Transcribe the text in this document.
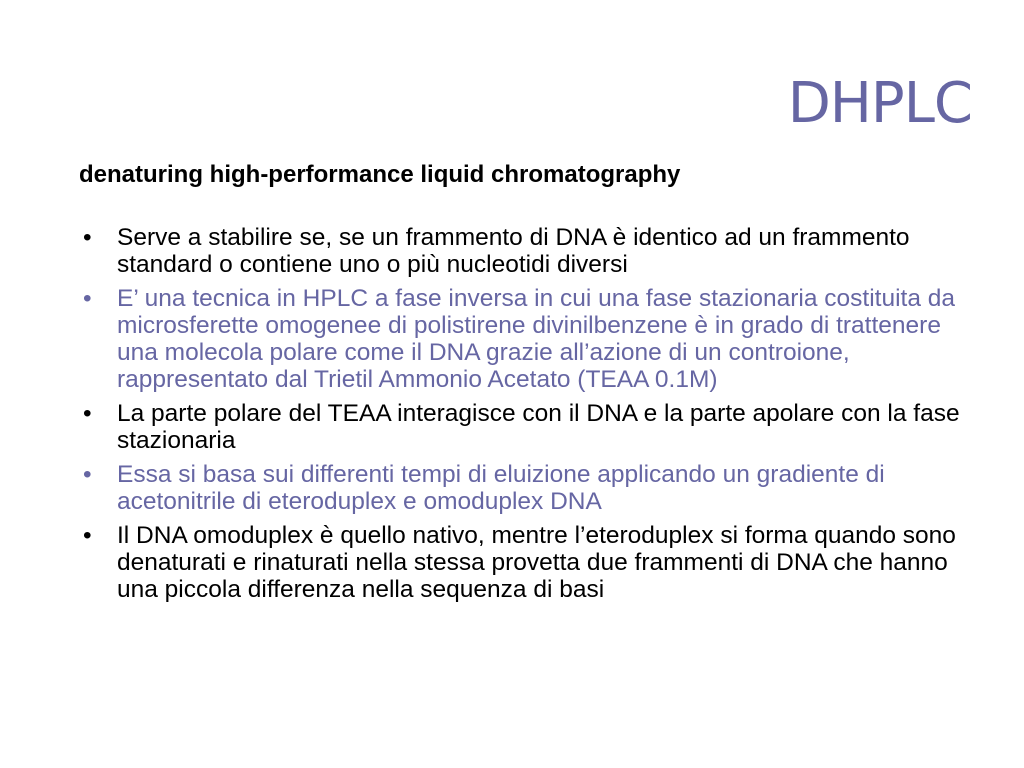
DHPLC

denaturing high-performance liquid chromatography

• Serve a stabilire se, se un frammento di DNA è identico ad un frammento standard o contiene uno o più nucleotidi diversi
• E’ una tecnica in HPLC a fase inversa in cui una fase stazionaria costituita da microsferette omogenee di polistirene divinilbenzene è in grado di trattenere una molecola polare come il DNA grazie all’azione di un controione, rappresentato dal Trietil Ammonio Acetato (TEAA 0.1M)
• La parte polare del TEAA interagisce con il DNA e la parte apolare con la fase stazionaria
• Essa si basa sui differenti tempi di eluizione applicando un gradiente di acetonitrile di eteroduplex e omoduplex DNA
• Il DNA omoduplex è quello nativo, mentre l’eteroduplex si forma quando sono denaturati e rinaturati nella stessa provetta due frammenti di DNA che hanno una piccola differenza nella sequenza di basi
